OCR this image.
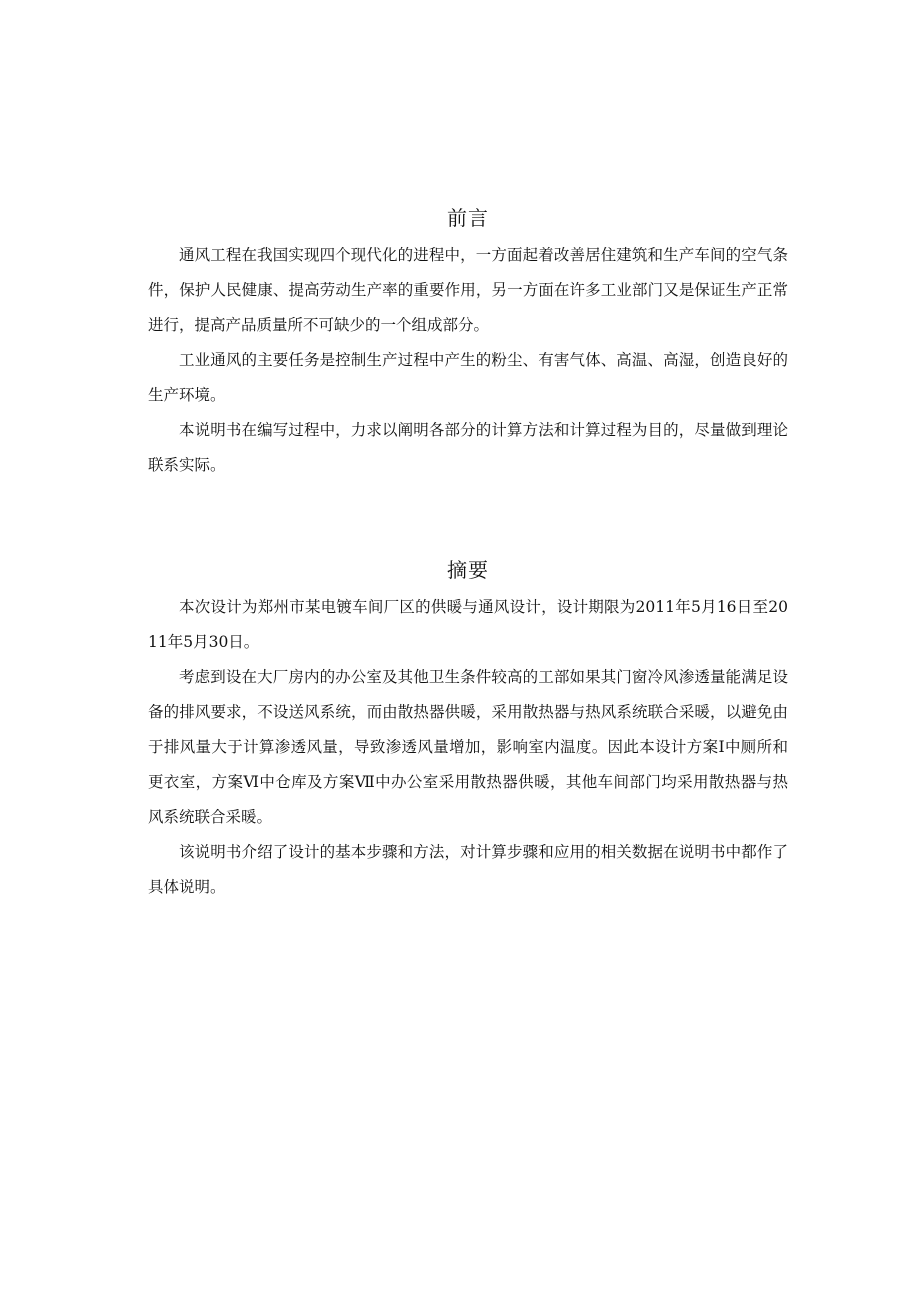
前言

通风工程在我国实现四个现代化的进程中，一方面起着改善居住建筑和生产车间的空气条件，保护人民健康、提高劳动生产率的重要作用，另一方面在许多工业部门又是保证生产正常进行，提高产品质量所不可缺少的一个组成部分。

工业通风的主要任务是控制生产过程中产生的粉尘、有害气体、高温、高湿，创造良好的生产环境。

本说明书在编写过程中，力求以阐明各部分的计算方法和计算过程为目的，尽量做到理论联系实际。

摘要

本次设计为郑州市某电镀车间厂区的供暖与通风设计，设计期限为2011年5月16日至2011年5月30日。

考虑到设在大厂房内的办公室及其他卫生条件较高的工部如果其门窗冷风渗透量能满足设备的排风要求，不设送风系统，而由散热器供暖，采用散热器与热风系统联合采暖，以避免由于排风量大于计算渗透风量，导致渗透风量增加，影响室内温度。因此本设计方案Ⅰ中厕所和更衣室，方案Ⅵ中仓库及方案Ⅶ中办公室采用散热器供暖，其他车间部门均采用散热器与热风系统联合采暖。

该说明书介绍了设计的基本步骤和方法，对计算步骤和应用的相关数据在说明书中都作了具体说明。
